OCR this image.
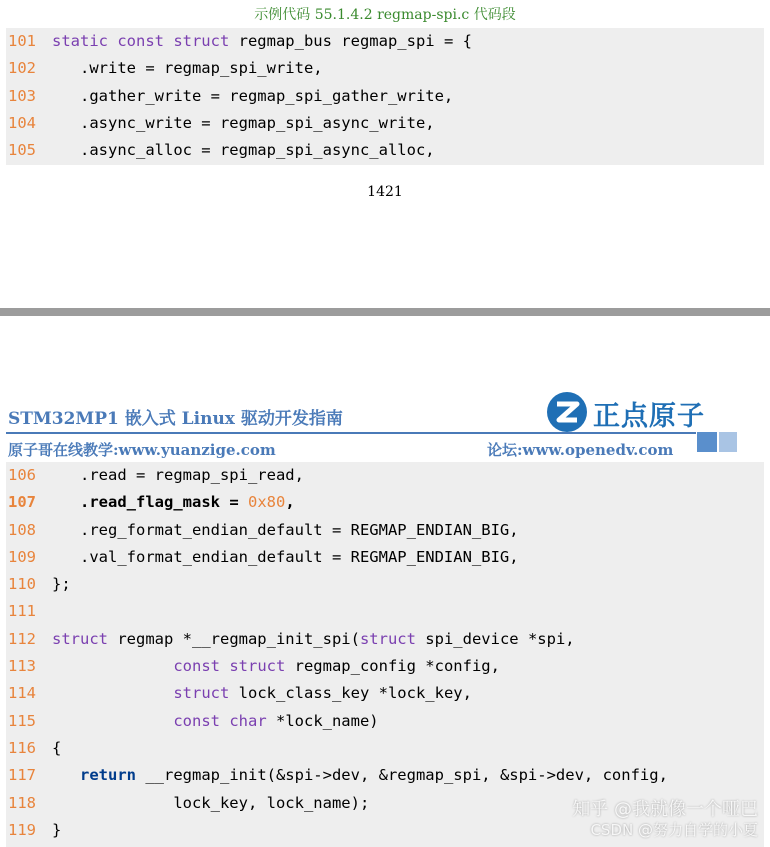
示例代码 55.1.4.2 regmap-spi.c 代码段
101 static const struct regmap_bus regmap_spi = {
102   .write = regmap_spi_write,
103   .gather_write = regmap_spi_gather_write,
104   .async_write = regmap_spi_async_write,
105   .async_alloc = regmap_spi_async_alloc,
1421
STM32MP1 嵌入式 Linux 驱动开发指南	正点原子
原子哥在线教学:www.yuanzige.com	论坛:www.openedv.com
106   .read = regmap_spi_read,
107	.read_flag_mask = 0x80,
108   .reg_format_endian_default = REGMAP_ENDIAN_BIG,
109   .val_format_endian_default = REGMAP_ENDIAN_BIG,
110 };
111
112 struct regmap *__regmap_init_spi(struct spi_device *spi,
113	const struct regmap_config *config,
114	struct lock_class_key *lock_key,
115	const char *lock_name)
116 {
117	return __regmap_init(&spi->dev, &regmap_spi, &spi->dev, config,
118             lock_key, lock_name);
119 }
知乎 @我就像一个哑巴
CSDN @努力自学的小夏
